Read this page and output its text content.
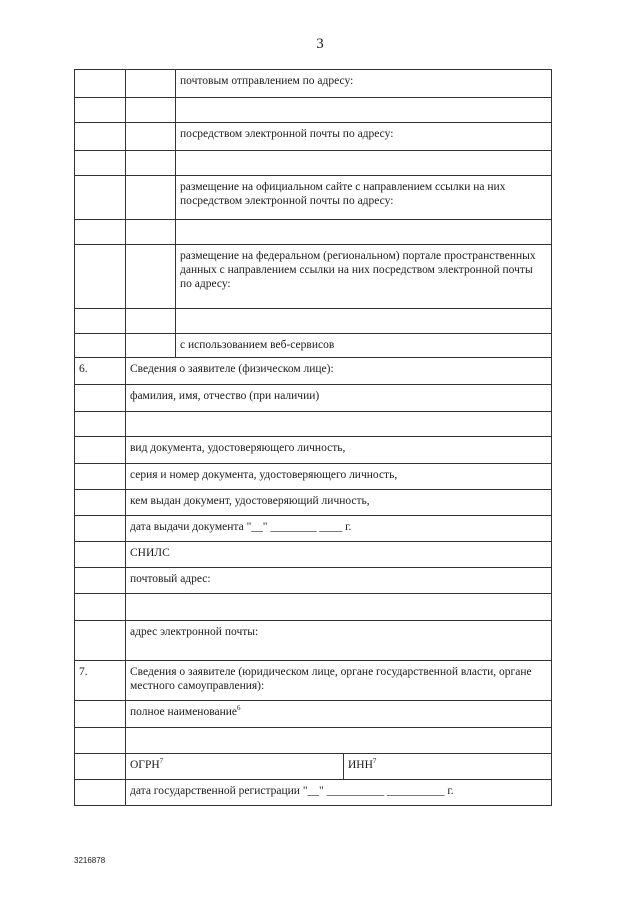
3
почтовым отправлением по адресу:
посредством электронной почты по адресу:
размещение на официальном сайте с направлением ссылки на них посредством электронной почты по адресу:
размещение на федеральном (региональном) портале пространственных данных с направлением ссылки на них посредством электронной почты по адресу:
с использованием веб-сервисов
6.	Сведения о заявителе (физическом лице):
фамилия, имя, отчество (при наличии)
вид документа, удостоверяющего личность,
серия и номер документа, удостоверяющего личность,
кем выдан документ, удостоверяющий личность,
дата выдачи документа "__" ________ ____ г.
СНИЛС
почтовый адрес:
адрес электронной почты:
7.	Сведения о заявителе (юридическом лице, органе государственной власти, органе местного самоуправления):
полное наименование$^6$
ОГРН$^7$	ИНН$^7$
дата государственной регистрации "__" __________ __________ г.
3216878
